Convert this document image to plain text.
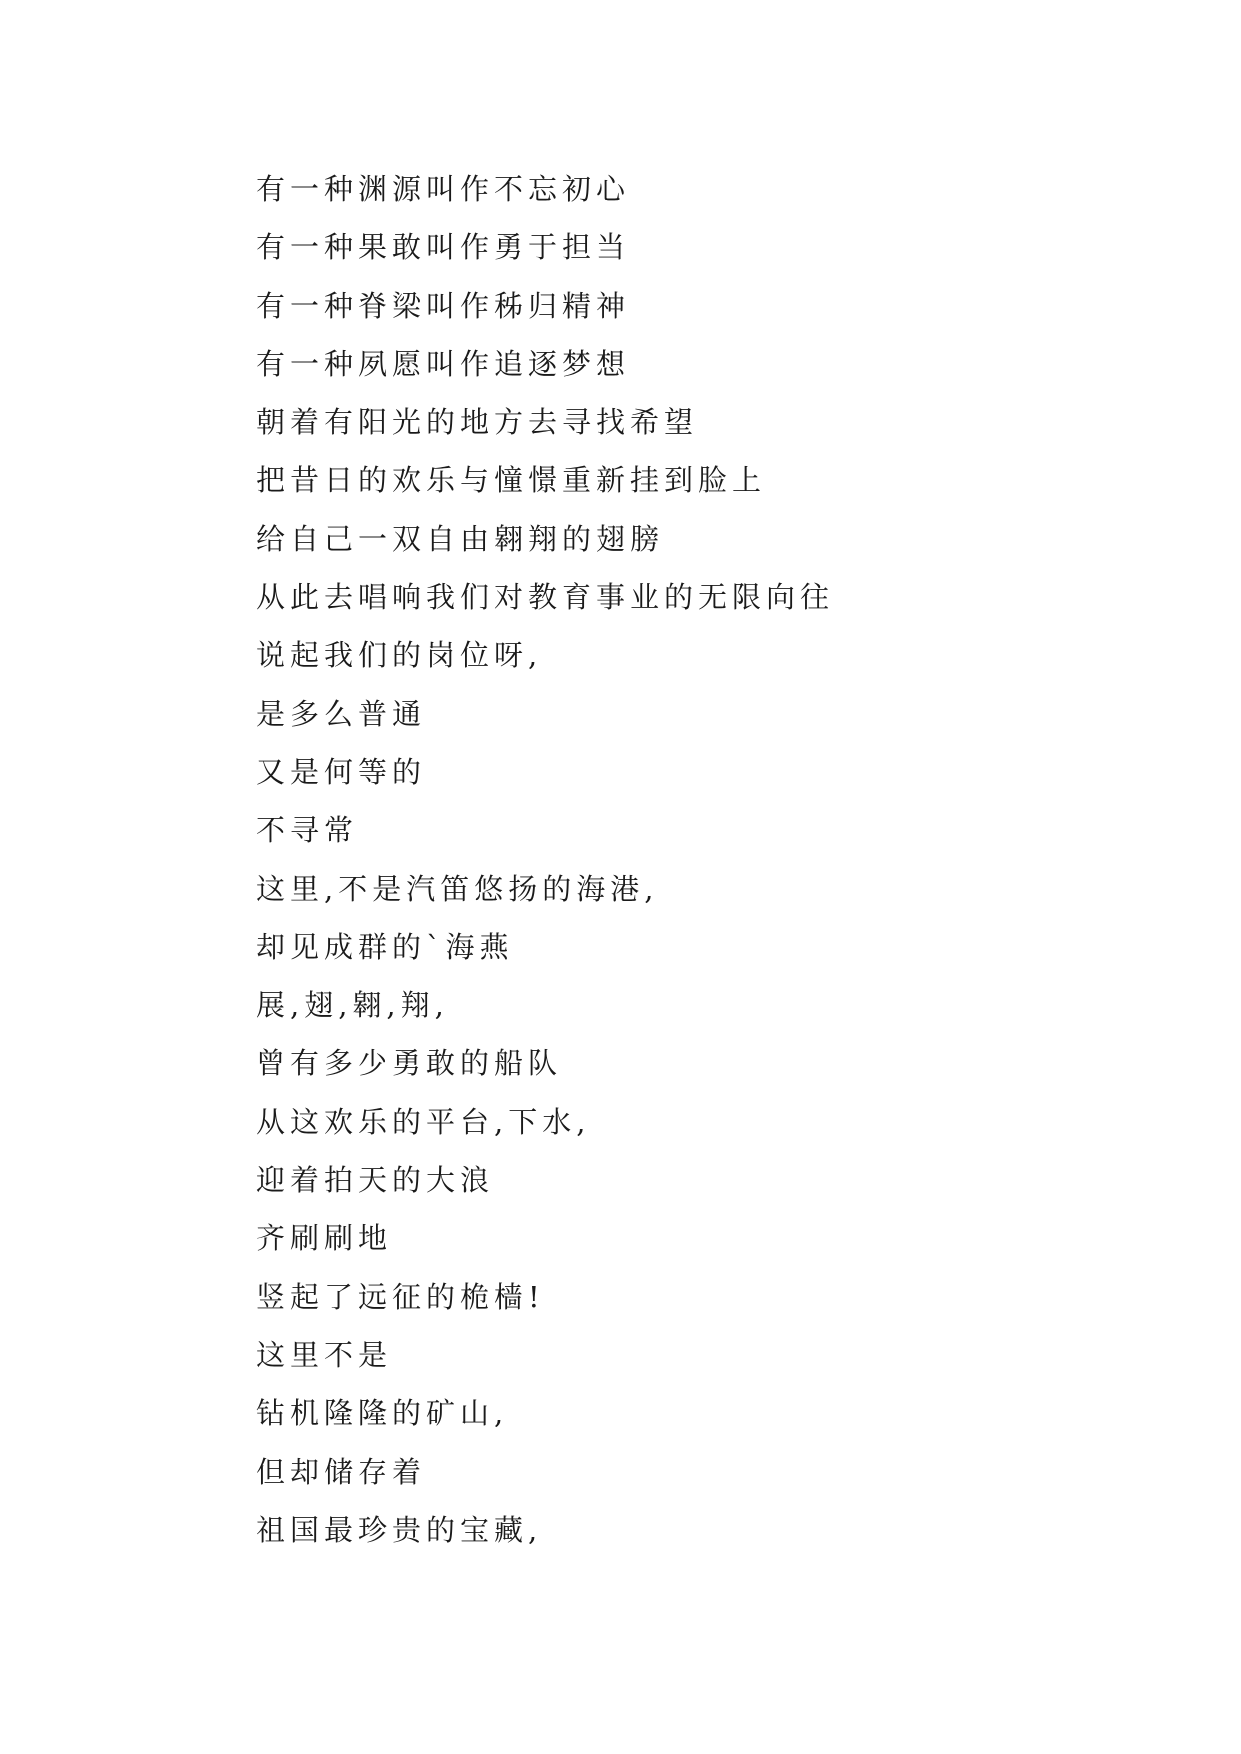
有一种渊源叫作不忘初心
有一种果敢叫作勇于担当
有一种脊梁叫作秭归精神
有一种夙愿叫作追逐梦想
朝着有阳光的地方去寻找希望
把昔日的欢乐与憧憬重新挂到脸上
给自己一双自由翱翔的翅膀
从此去唱响我们对教育事业的无限向往
说起我们的岗位呀,
是多么普通
又是何等的
不寻常
这里,不是汽笛悠扬的海港,
却见成群的`海燕
展,翅,翱,翔,
曾有多少勇敢的船队
从这欢乐的平台,下水,
迎着拍天的大浪
齐刷刷地
竖起了远征的桅樯!
这里不是
钻机隆隆的矿山,
但却储存着
祖国最珍贵的宝藏,
